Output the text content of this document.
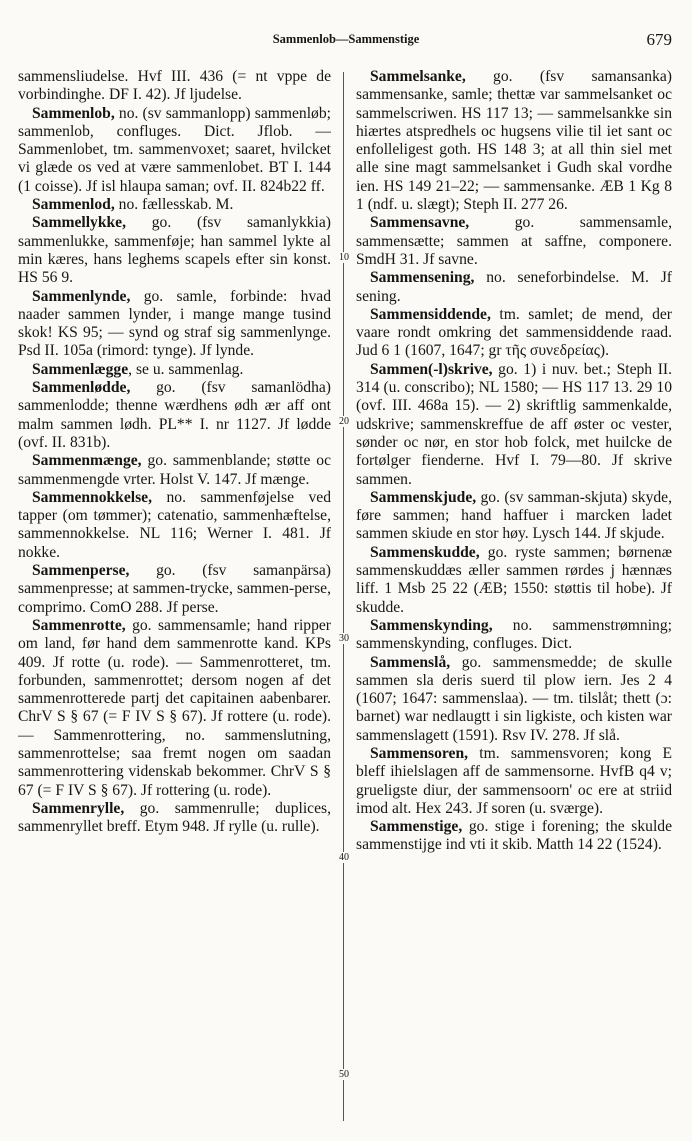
Sammenlob—Sammenstige	679

sammensliudelse. Hvf III. 436 (= nt vppe de vorbindinghe. DF I. 42). Jf ljudelse.

Sammenlob, no. (sv sammanlopp) sammenløb; sammenlob, confluges. Dict. Jflob. — Sammenlobet, tm. sammenvoxet; saaret, hvilcket vi glæde os ved at være sammenlobet. BT I. 144 (1 coisse). Jf isl hlaupa saman; ovf. II. 824b22 ff.

Sammenlod, no. fællesskab. M.

Sammellykke, go. (fsv samanlykkia) sammenlukke, sammenføje; han sammel lykte al min kæres, hans leghems scapels efter sin konst. HS 56 9.

Sammenlynde, go. samle, forbinde: hvad naader sammen lynder, i mange mange tusind skok! KS 95; — synd og straf sig sammenlynge. Psd II. 105a (rimord: tynge). Jf lynde.

Sammenlægge, se u. sammenlag.

Sammenlødde, go. (fsv samanlödha) sammenlodde; thenne wærdhens ødh ær aff ont malm sammen lødh. PL** I. nr 1127. Jf lødde (ovf. II. 831b).

Sammenmænge, go. sammenblande; støtte oc sammenmengde vrter. Holst V. 147. Jf mænge.

Sammennokkelse, no. sammenføjelse ved tapper (om tømmer); catenatio, sammenhæftelse, sammennokkelse. NL 116; Werner I. 481. Jf nokke.

Sammenperse, go. (fsv samanpärsa) sammenpresse; at sammen-trycke, sammen-perse, comprimo. ComO 288. Jf perse.

Sammenrotte, go. sammensamle; hand ripper om land, før hand dem sammenrotte kand. KPs 409. Jf rotte (u. rode). — Sammenrotteret, tm. forbunden, sammenrottet; dersom nogen af det sammenrotterede partj det capitainen aabenbarer. ChrV S § 67 (= F IV S § 67). Jf rottere (u. rode). — Sammenrottering, no. sammenslutning, sammenrottelse; saa fremt nogen om saadan sammenrottering videnskab bekommer. ChrV S § 67 (= F IV S § 67). Jf rottering (u. rode).

Sammenrylle, go. sammenrulle; duplices, sammenryllet breff. Etym 948. Jf rylle (u. rulle).

Sammelsanke, go. (fsv samansanka) sammensanke, samle; thettæ var sammelsanket oc sammelscriwen. HS 117 13; — sammelsankke sin hiærtes atspredhels oc hugsens vilie til iet sant oc enfolleligest goth. HS 148 3; at all thin siel met alle sine magt sammelsanket i Gudh skal vordhe ien. HS 149 21–22; — sammensanke. ÆB 1 Kg 8 1 (ndf. u. slægt); Steph II. 277 26.

Sammensavne, go. sammensamle, sammensætte; sammen at saffne, componere. SmdH 31. Jf savne.

Sammensening, no. seneforbindelse. M. Jf sening.

Sammensiddende, tm. samlet; de mend, der vaare rondt omkring det sammensiddende raad. Jud 6 1 (1607, 1647; gr τῆς συνεδρείας).

Sammen(-l)skrive, go. 1) i nuv. bet.; Steph II. 314 (u. conscribo); NL 1580; — HS 117 13. 29 10 (ovf. III. 468a 15). — 2) skriftlig sammenkalde, udskrive; sammenskreffue de aff øster oc vester, sønder oc nør, en stor hob folck, met huilcke de fortølger fienderne. Hvf I. 79—80. Jf skrive sammen.

Sammenskjude, go. (sv samman-skjuta) skyde, føre sammen; hand haffuer i marcken ladet sammen skiude en stor høy. Lysch 144. Jf skjude.

Sammenskudde, go. ryste sammen; børnenæ sammenskuddæs æller sammen rørdes j hænnæs liff. 1 Msb 25 22 (ÆB; 1550: støttis til hobe). Jf skudde.

Sammenskynding, no. sammenstrømning; sammenskynding, confluges. Dict.

Sammenslå, go. sammensmedde; de skulle sammen sla deris suerd til plow iern. Jes 2 4 (1607; 1647: sammenslaa). — tm. tilslåt; thett (ɔ: barnet) war nedlaugtt i sin ligkiste, och kisten war sammenslagett (1591). Rsv IV. 278. Jf slå.

Sammensoren, tm. sammensvoren; kong E bleff ihielslagen aff de sammensorne. HvfB q4 v; grueligste diur, der sammensoorn' oc ere at striid imod alt. Hex 243. Jf soren (u. sværge).

Sammenstige, go. stige i forening; the skulde sammenstijge ind vti it skib. Matth 14 22 (1524).

10
20
30
40
50
